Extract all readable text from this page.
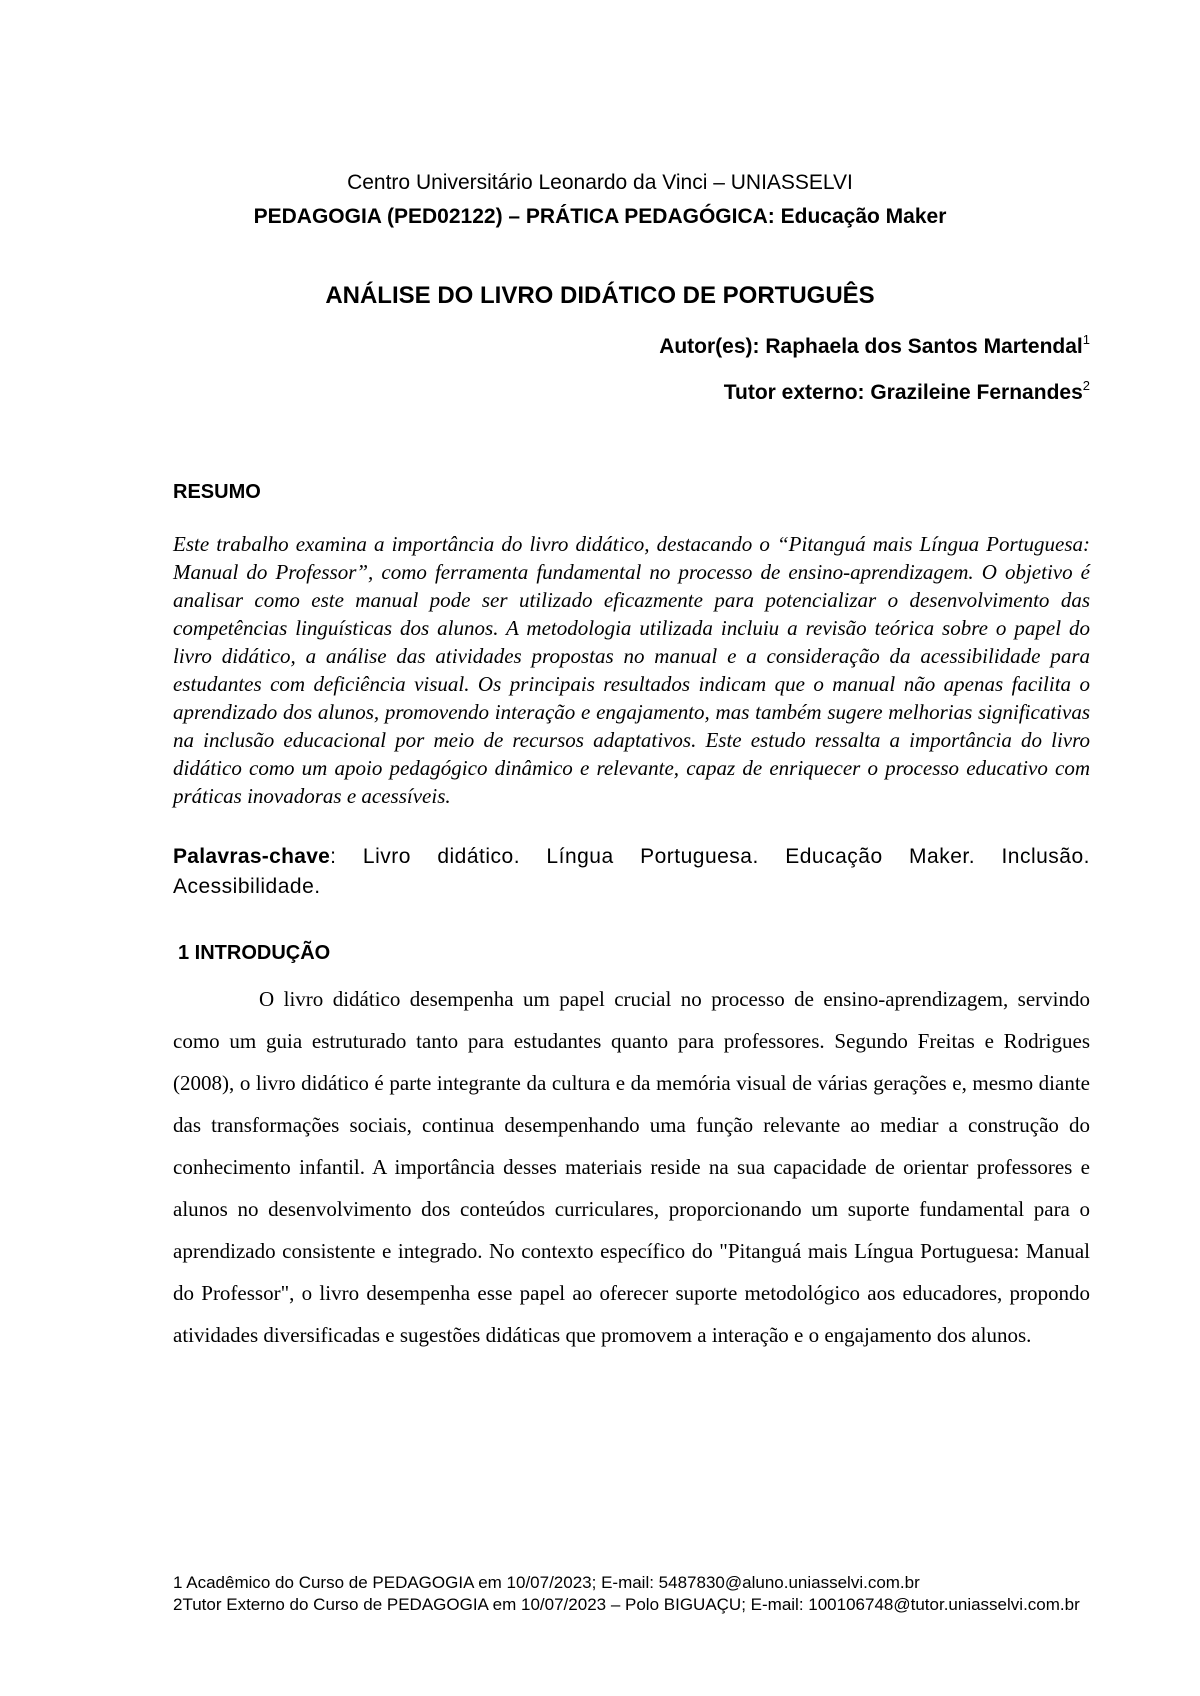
Centro Universitário Leonardo da Vinci – UNIASSELVI
PEDAGOGIA (PED02122) – PRÁTICA PEDAGÓGICA: Educação Maker
ANÁLISE DO LIVRO DIDÁTICO DE PORTUGUÊS
Autor(es): Raphaela dos Santos Martendal$^1$
Tutor externo: Grazileine Fernandes$^2$
RESUMO
Este trabalho examina a importância do livro didático, destacando o “Pitanguá mais Língua Portuguesa: Manual do Professor”, como ferramenta fundamental no processo de ensino-aprendizagem. O objetivo é analisar como este manual pode ser utilizado eficazmente para potencializar o desenvolvimento das competências linguísticas dos alunos. A metodologia utilizada incluiu a revisão teórica sobre o papel do livro didático, a análise das atividades propostas no manual e a consideração da acessibilidade para estudantes com deficiência visual. Os principais resultados indicam que o manual não apenas facilita o aprendizado dos alunos, promovendo interação e engajamento, mas também sugere melhorias significativas na inclusão educacional por meio de recursos adaptativos. Este estudo ressalta a importância do livro didático como um apoio pedagógico dinâmico e relevante, capaz de enriquecer o processo educativo com práticas inovadoras e acessíveis.
Palavras-chave: Livro didático. Língua Portuguesa. Educação Maker. Inclusão. Acessibilidade.
1 INTRODUÇÃO
O livro didático desempenha um papel crucial no processo de ensino-aprendizagem, servindo como um guia estruturado tanto para estudantes quanto para professores. Segundo Freitas e Rodrigues (2008), o livro didático é parte integrante da cultura e da memória visual de várias gerações e, mesmo diante das transformações sociais, continua desempenhando uma função relevante ao mediar a construção do conhecimento infantil. A importância desses materiais reside na sua capacidade de orientar professores e alunos no desenvolvimento dos conteúdos curriculares, proporcionando um suporte fundamental para o aprendizado consistente e integrado. No contexto específico do "Pitanguá mais Língua Portuguesa: Manual do Professor", o livro desempenha esse papel ao oferecer suporte metodológico aos educadores, propondo atividades diversificadas e sugestões didáticas que promovem a interação e o engajamento dos alunos.
1 Acadêmico do Curso de PEDAGOGIA em 10/07/2023; E-mail: 5487830@aluno.uniasselvi.com.br
2Tutor Externo do Curso de PEDAGOGIA em 10/07/2023 – Polo BIGUAÇU; E-mail: 100106748@tutor.uniasselvi.com.br
